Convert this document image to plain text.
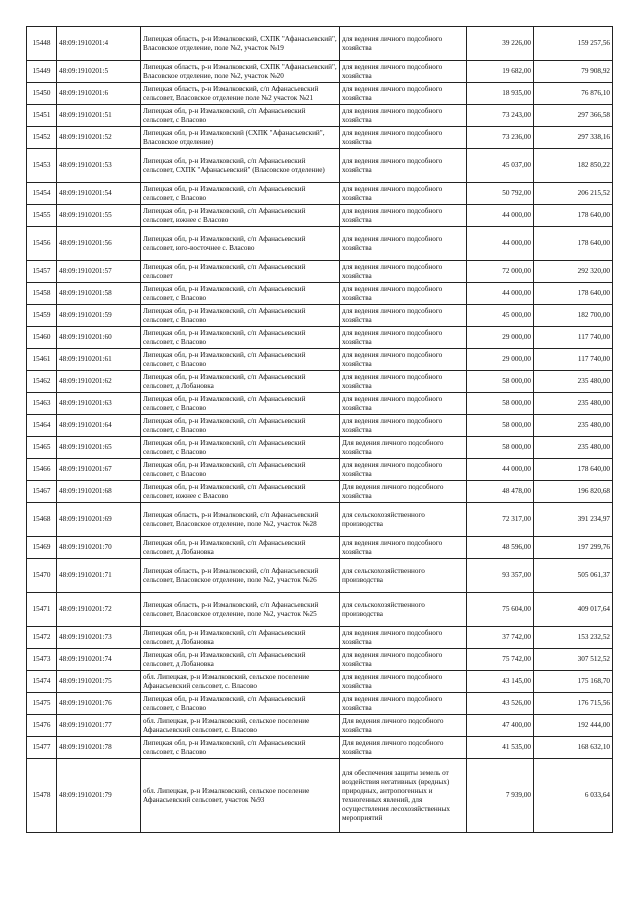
15448	48:09:1910201:4	Липецкая область, р-н Измалковский, СХПК "Афанасьевский", Власовское отделение, поле №2, участок №19	для ведения личного подсобного хозяйства	39 226,00	159 257,56
15449	48:09:1910201:5	Липецкая область, р-н Измалковский, СХПК "Афанасьевский", Власовское отделение, поле №2, участок №20	для ведения личного подсобного хозяйства	19 682,00	79 908,92
15450	48:09:1910201:6	Липецкая область, р-н Измалковский, с/п Афанасьевский сельсовет, Власовское отделение поле №2 участок №21	для ведения личного подсобного хозяйства	18 935,00	76 876,10
15451	48:09:1910201:51	Липецкая обл, р-н Измалковский, с/п Афанасьевский сельсовет, с Власово	для ведения личного подсобного хозяйства	73 243,00	297 366,58
15452	48:09:1910201:52	Липецкая обл, р-н Измалковский (СХПК "Афанасьевский", Власовское отделение)	для ведения личного подсобного хозяйства	73 236,00	297 338,16
15453	48:09:1910201:53	Липецкая обл, р-н Измалковский, с/п Афанасьевский сельсовет, СХПК "Афанасьевский" (Власовское отделение)	для ведения личного подсобного хозяйства	45 037,00	182 850,22
15454	48:09:1910201:54	Липецкая обл, р-н Измалковский, с/п Афанасьевский сельсовет, с Власово	для ведения личного подсобного хозяйства	50 792,00	206 215,52
15455	48:09:1910201:55	Липецкая обл, р-н Измалковский, с/п Афанасьевский сельсовет, южнее с Власово	для ведения личного подсобного хозяйства	44 000,00	178 640,00
15456	48:09:1910201:56	Липецкая обл, р-н Измалковский, с/п Афанасьевский сельсовет, юго-восточнее с. Власово	для ведения личного подсобного хозяйства	44 000,00	178 640,00
15457	48:09:1910201:57	Липецкая обл, р-н Измалковский, с/п Афанасьевский сельсовет	для ведения личного подсобного хозяйства	72 000,00	292 320,00
15458	48:09:1910201:58	Липецкая обл, р-н Измалковский, с/п Афанасьевский сельсовет, с Власово	для ведения личного подсобного хозяйства	44 000,00	178 640,00
15459	48:09:1910201:59	Липецкая обл, р-н Измалковский, с/п Афанасьевский сельсовет, с Власово	для ведения личного подсобного хозяйства	45 000,00	182 700,00
15460	48:09:1910201:60	Липецкая обл, р-н Измалковский, с/п Афанасьевский сельсовет, с Власово	для ведения личного подсобного хозяйства	29 000,00	117 740,00
15461	48:09:1910201:61	Липецкая обл, р-н Измалковский, с/п Афанасьевский сельсовет, с Власово	для ведения личного подсобного хозяйства	29 000,00	117 740,00
15462	48:09:1910201:62	Липецкая обл, р-н Измалковский, с/п Афанасьевский сельсовет, д Лобановка	для ведения личного подсобного хозяйства	58 000,00	235 480,00
15463	48:09:1910201:63	Липецкая обл, р-н Измалковский, с/п Афанасьевский сельсовет, с Власово	для ведения личного подсобного хозяйства	58 000,00	235 480,00
15464	48:09:1910201:64	Липецкая обл, р-н Измалковский, с/п Афанасьевский сельсовет, с Власово	для ведения личного подсобного хозяйства	58 000,00	235 480,00
15465	48:09:1910201:65	Липецкая обл, р-н Измалковский, с/п Афанасьевский сельсовет, с Власово	Для ведения личного подсобного хозяйства	58 000,00	235 480,00
15466	48:09:1910201:67	Липецкая обл, р-н Измалковский, с/п Афанасьевский сельсовет, с Власово	для ведения личного подсобного хозяйства	44 000,00	178 640,00
15467	48:09:1910201:68	Липецкая обл, р-н Измалковский, с/п Афанасьевский сельсовет, южнее с Власово	Для ведения личного подсобного хозяйства	48 478,00	196 820,68
15468	48:09:1910201:69	Липецкая область, р-н Измалковский, с/п Афанасьевский сельсовет, Власовское отделение, поле №2, участок №28	для сельскохозяйственного производства	72 317,00	391 234,97
15469	48:09:1910201:70	Липецкая обл, р-н Измалковский, с/п Афанасьевский сельсовет, д Лобановка	для ведения личного подсобного хозяйства	48 596,00	197 299,76
15470	48:09:1910201:71	Липецкая область, р-н Измалковский, с/п Афанасьевский сельсовет, Власовское отделение, поле №2, участок №26	для сельскохозяйственного производства	93 357,00	505 061,37
15471	48:09:1910201:72	Липецкая область, р-н Измалковский, с/п Афанасьевский сельсовет, Власовское отделение, поле №2, участок №25	для сельскохозяйственного производства	75 604,00	409 017,64
15472	48:09:1910201:73	Липецкая обл, р-н Измалковский, с/п Афанасьевский сельсовет, д Лобановка	для ведения личного подсобного хозяйства	37 742,00	153 232,52
15473	48:09:1910201:74	Липецкая обл, р-н Измалковский, с/п Афанасьевский сельсовет, д Лобановка	для ведения личного подсобного хозяйства	75 742,00	307 512,52
15474	48:09:1910201:75	обл. Липецкая, р-н Измалковский, сельское поселение Афанасьевский сельсовет, с. Власово	для ведения личного подсобного хозяйства	43 145,00	175 168,70
15475	48:09:1910201:76	Липецкая обл, р-н Измалковский, с/п Афанасьевский сельсовет, с Власово	для ведения личного подсобного хозяйства	43 526,00	176 715,56
15476	48:09:1910201:77	обл. Липецкая, р-н Измалковский, сельское поселение Афанасьевский сельсовет, с. Власово	Для ведения личного подсобного хозяйства	47 400,00	192 444,00
15477	48:09:1910201:78	Липецкая обл, р-н Измалковский, с/п Афанасьевский сельсовет, с Власово	Для ведения личного подсобного хозяйства	41 535,00	168 632,10
15478	48:09:1910201:79	обл. Липецкая, р-н Измалковский, сельское поселение Афанасьевский сельсовет, участок №93	для обеспечения защиты земель от воздействия негативных (вредных) природных, антропогенных и техногенных явлений, для осуществления лесохозяйственных мероприятий	7 939,00	6 033,64
